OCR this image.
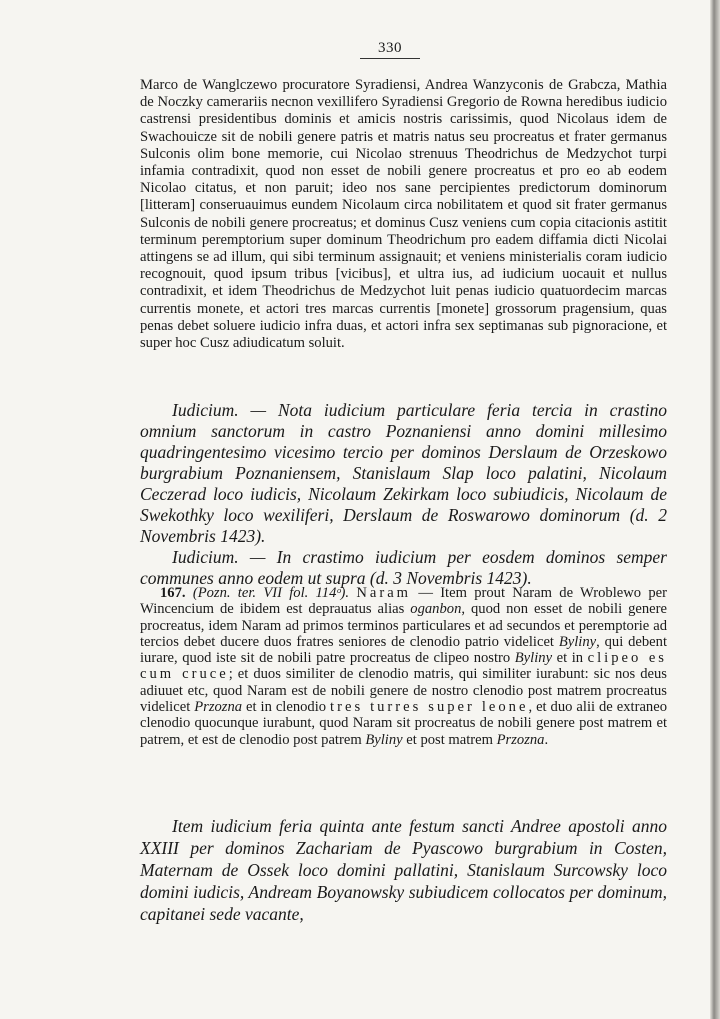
330

Marco de Wanglczewo procuratore Syradiensi, Andrea Wanzyconis de Grabcza, Mathia de Noczky camerariis necnon vexillifero Syradiensi Gregorio de Rowna heredibus iudicio castrensi presidentibus dominis et amicis nostris carissimis, quod Nicolaus idem de Swachouicze sit de nobili genere patris et matris natus seu procreatus et frater germanus Sulconis olim bone memorie, cui Nicolao strenuus Theodrichus de Medzychot turpi infamia contradixit, quod non esset de nobili genere procreatus et pro eo ab eodem Nicolao citatus, et non paruit; ideo nos sane percipientes predictorum dominorum [litteram] conseruauimus eundem Nicolaum circa nobilitatem et quod sit frater germanus Sulconis de nobili genere procreatus; et dominus Cusz veniens cum copia citacionis astitit terminum peremptorium super dominum Theodrichum pro eadem diffamia dicti Nicolai attingens se ad illum, qui sibi terminum assignauit; et veniens ministerialis coram iudicio recognouit, quod ipsum tribus [vicibus], et ultra ius, ad iudicium uocauit et nullus contradixit, et idem Theodrichus de Medzychot luit penas iudicio quatuordecim marcas currentis monete, et actori tres marcas currentis [monete] grossorum pragensium, quas penas debet soluere iudicio infra duas, et actori infra sex septimanas sub pignoracione, et super hoc Cusz adiudicatum soluit.

Iudicium. — Nota iudicium particulare feria tercia in crastino omnium sanctorum in castro Poznaniensi anno domini millesimo quadringentesimo vicesimo tercio per dominos Derslaum de Orzeskowo burgrabium Poznaniensem, Stanislaum Slap loco palatini, Nicolaum Ceczerad loco iudicis, Nicolaum Zekirkam loco subiudicis, Nicolaum de Swekothky loco wexiliferi, Derslaum de Roswarowo dominorum (d. 2 Novembris 1423).

Iudicium. — In crastimo iudicium per eosdem dominos semper communes anno eodem ut supra (d. 3 Novembris 1423).

167. (Pozn. ter. VII fol. 114ᵒ). Naram — Item prout Naram de Wroblewo per Wincencium de ibidem est deprauatus alias oganbon, quod non esset de nobili genere procreatus, idem Naram ad primos terminos particulares et ad secundos et peremptorie ad tercios debet ducere duos fratres seniores de clenodio patrio videlicet Byliny, qui debent iurare, quod iste sit de nobili patre procreatus de clipeo nostro Byliny et in clipeo es cum cruce; et duos similiter de clenodio matris, qui similiter iurabunt: sic nos deus adiuuet etc, quod Naram est de nobili genere de nostro clenodio post matrem procreatus videlicet Przozna et in clenodio tres turres super leone, et duo alii de extraneo clenodio quocunque iurabunt, quod Naram sit procreatus de nobili genere post matrem et patrem, et est de clenodio post patrem Byliny et post matrem Przozna.

Item iudicium feria quinta ante festum sancti Andree apostoli anno XXIII per dominos Zachariam de Pyascowo burgrabium in Costen, Maternam de Ossek loco domini pallatini, Stanislaum Surcowsky loco domini iudicis, Andream Boyanowsky subiudicem collocatos per dominum, capitanei sede vacante,
